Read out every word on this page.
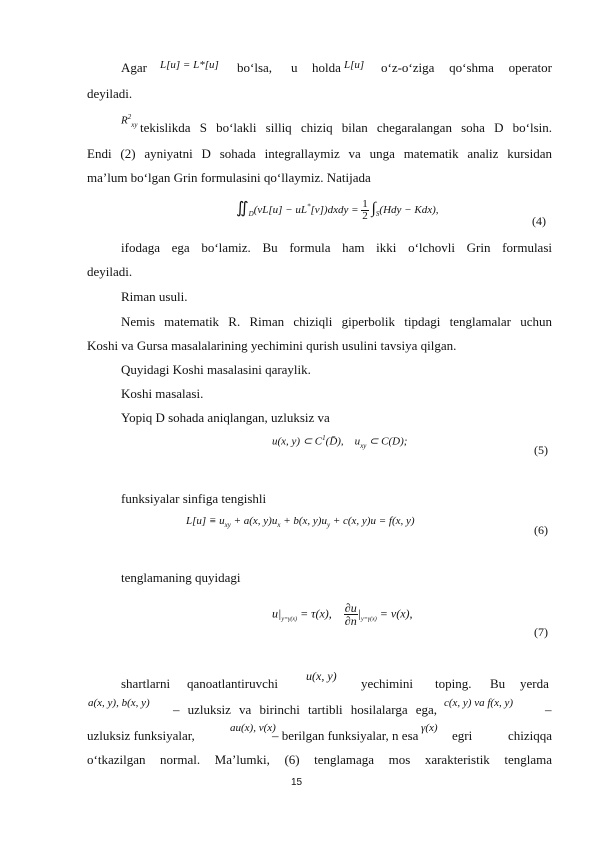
Agar L[u] = L*[u] bo‘lsa, u holda L[u] o‘z-o‘ziga qo‘shma operator
deyiladi.
$R^2_{xy}$ tekislikda S bo‘lakli silliq chiziq bilan chegaralangan soha D bo‘lsin.
Endi (2) ayniyatni D sohada integrallaymiz va unga matematik analiz kursidan
ma’lum bo‘lgan Grin formulasini qo‘llaymiz. Natijada
$∬_D(vL[u]$ − uL*[v])dxdy = 1
2 $\int_S(Hdy - Kdx)$,
(4)
ifodaga ega bo‘lamiz. Bu formula ham ikki o‘lchovli Grin formulasi
deyiladi.
Riman usuli.
Nemis matematik R. Riman chiziqli giperbolik tipdagi tenglamalar uchun
Koshi va Gursa masalalarining yechimini qurish usulini tavsiya qilgan.
Quyidagi Koshi masalasini qaraylik.
Koshi masalasi.
Yopiq D sohada aniqlangan, uzluksiz va
u(x, y) ⊂ $C^1(D̄)$,    $u_{xy}$ ⊂ C(D);
(5)
funksiyalar sinfiga tengishli
$L[u] \equiv u_{xy} + a(x$, $y)u_x + b(x$, $y)u_y + c(x$, y)u = f(x, y)
(6)
tenglamaning quyidagi
$u|_{y=\gamma(x)} = \tau(x)$,    ∂u
$\partial n|_{y=\gamma(x)} = \nu(x)$,
(7)
shartlarni qanoatlantiruvchi u(x, y) yechimini toping. Bu yerda
a(x, y), b(x, y) – uzluksiz va birinchi tartibli hosilalarga ega, c(x, y) va f(x, y) –
uzluksiz funksiyalar,	au(x), v(x)
– berilgan funksiyalar, n esa γ(x) egri chiziqqa
o‘tkazilgan normal. Ma’lumki, (6) tenglamaga mos xarakteristik tenglama
15
